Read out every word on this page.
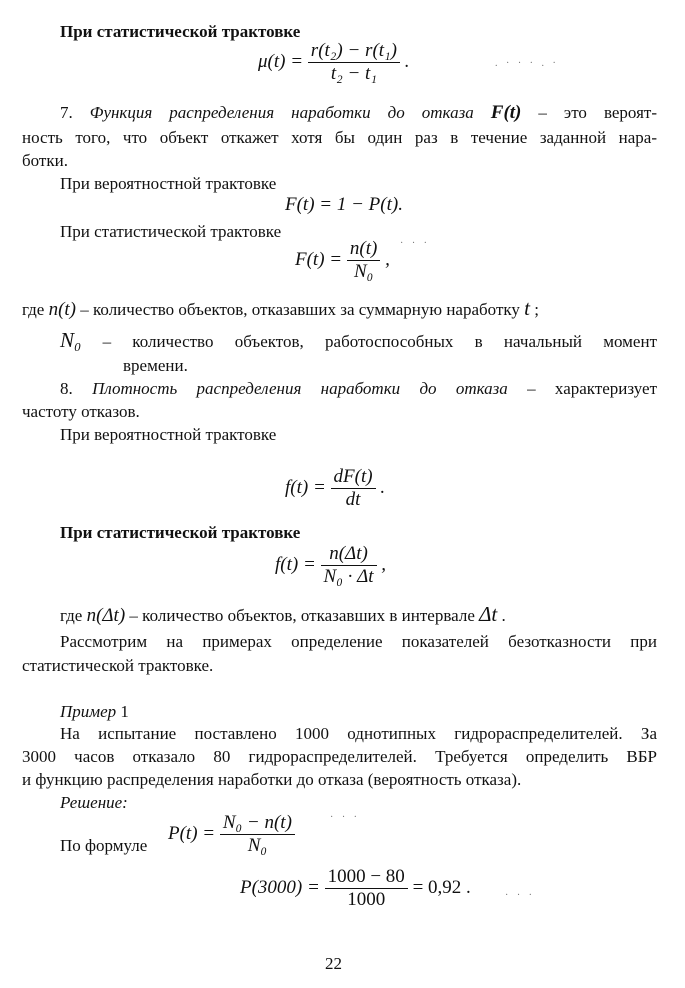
При статистической трактовке
$\mu(t) = \frac{\text{r(t₂) − r(t₁)}}{\text{t₂ − t₁}}$ .
7. Функция распределения наработки до отказа F(t) – это вероят-
ность того, что объект откажет хотя бы один раз в течение заданной нара-
ботки.
При вероятностной трактовке
F(t) = 1 − P(t).
При статистической трактовке
$F(t) = \frac{n(t)}{\text{N₀}}$ ,
где n(t) – количество объектов, отказавших за суммарную наработку t ;
N₀ – количество объектов, работоспособных в начальный момент
времени.
8. Плотность распределения наработки до отказа – характеризует
частоту отказов.
При вероятностной трактовке
$f(t) = \frac{dF(t)}{dt}$ .
При статистической трактовке
$f(t) = \frac{n(\Delta t)}{\text{N₀ · Δt}}$ ,
где n(Δt) – количество объектов, отказавших в интервале Δt .
Рассмотрим на примерах определение показателей безотказности при
статистической трактовке.
Пример 1
На испытание поставлено 1000 однотипных гидрораспределителей. За
3000 часов отказало 80 гидрораспределителей. Требуется определить ВБР
и функцию распределения наработки до отказа (вероятность отказа).
Решение:
По формуле
$P(t) = \frac{\text{N₀ − n(t)}}{\text{N₀}}$
$P(3000) = \frac{1000 - 80}{1000} = 0,92$ .
22
. · · · . ·
· · ·
· · ·
· · ·
